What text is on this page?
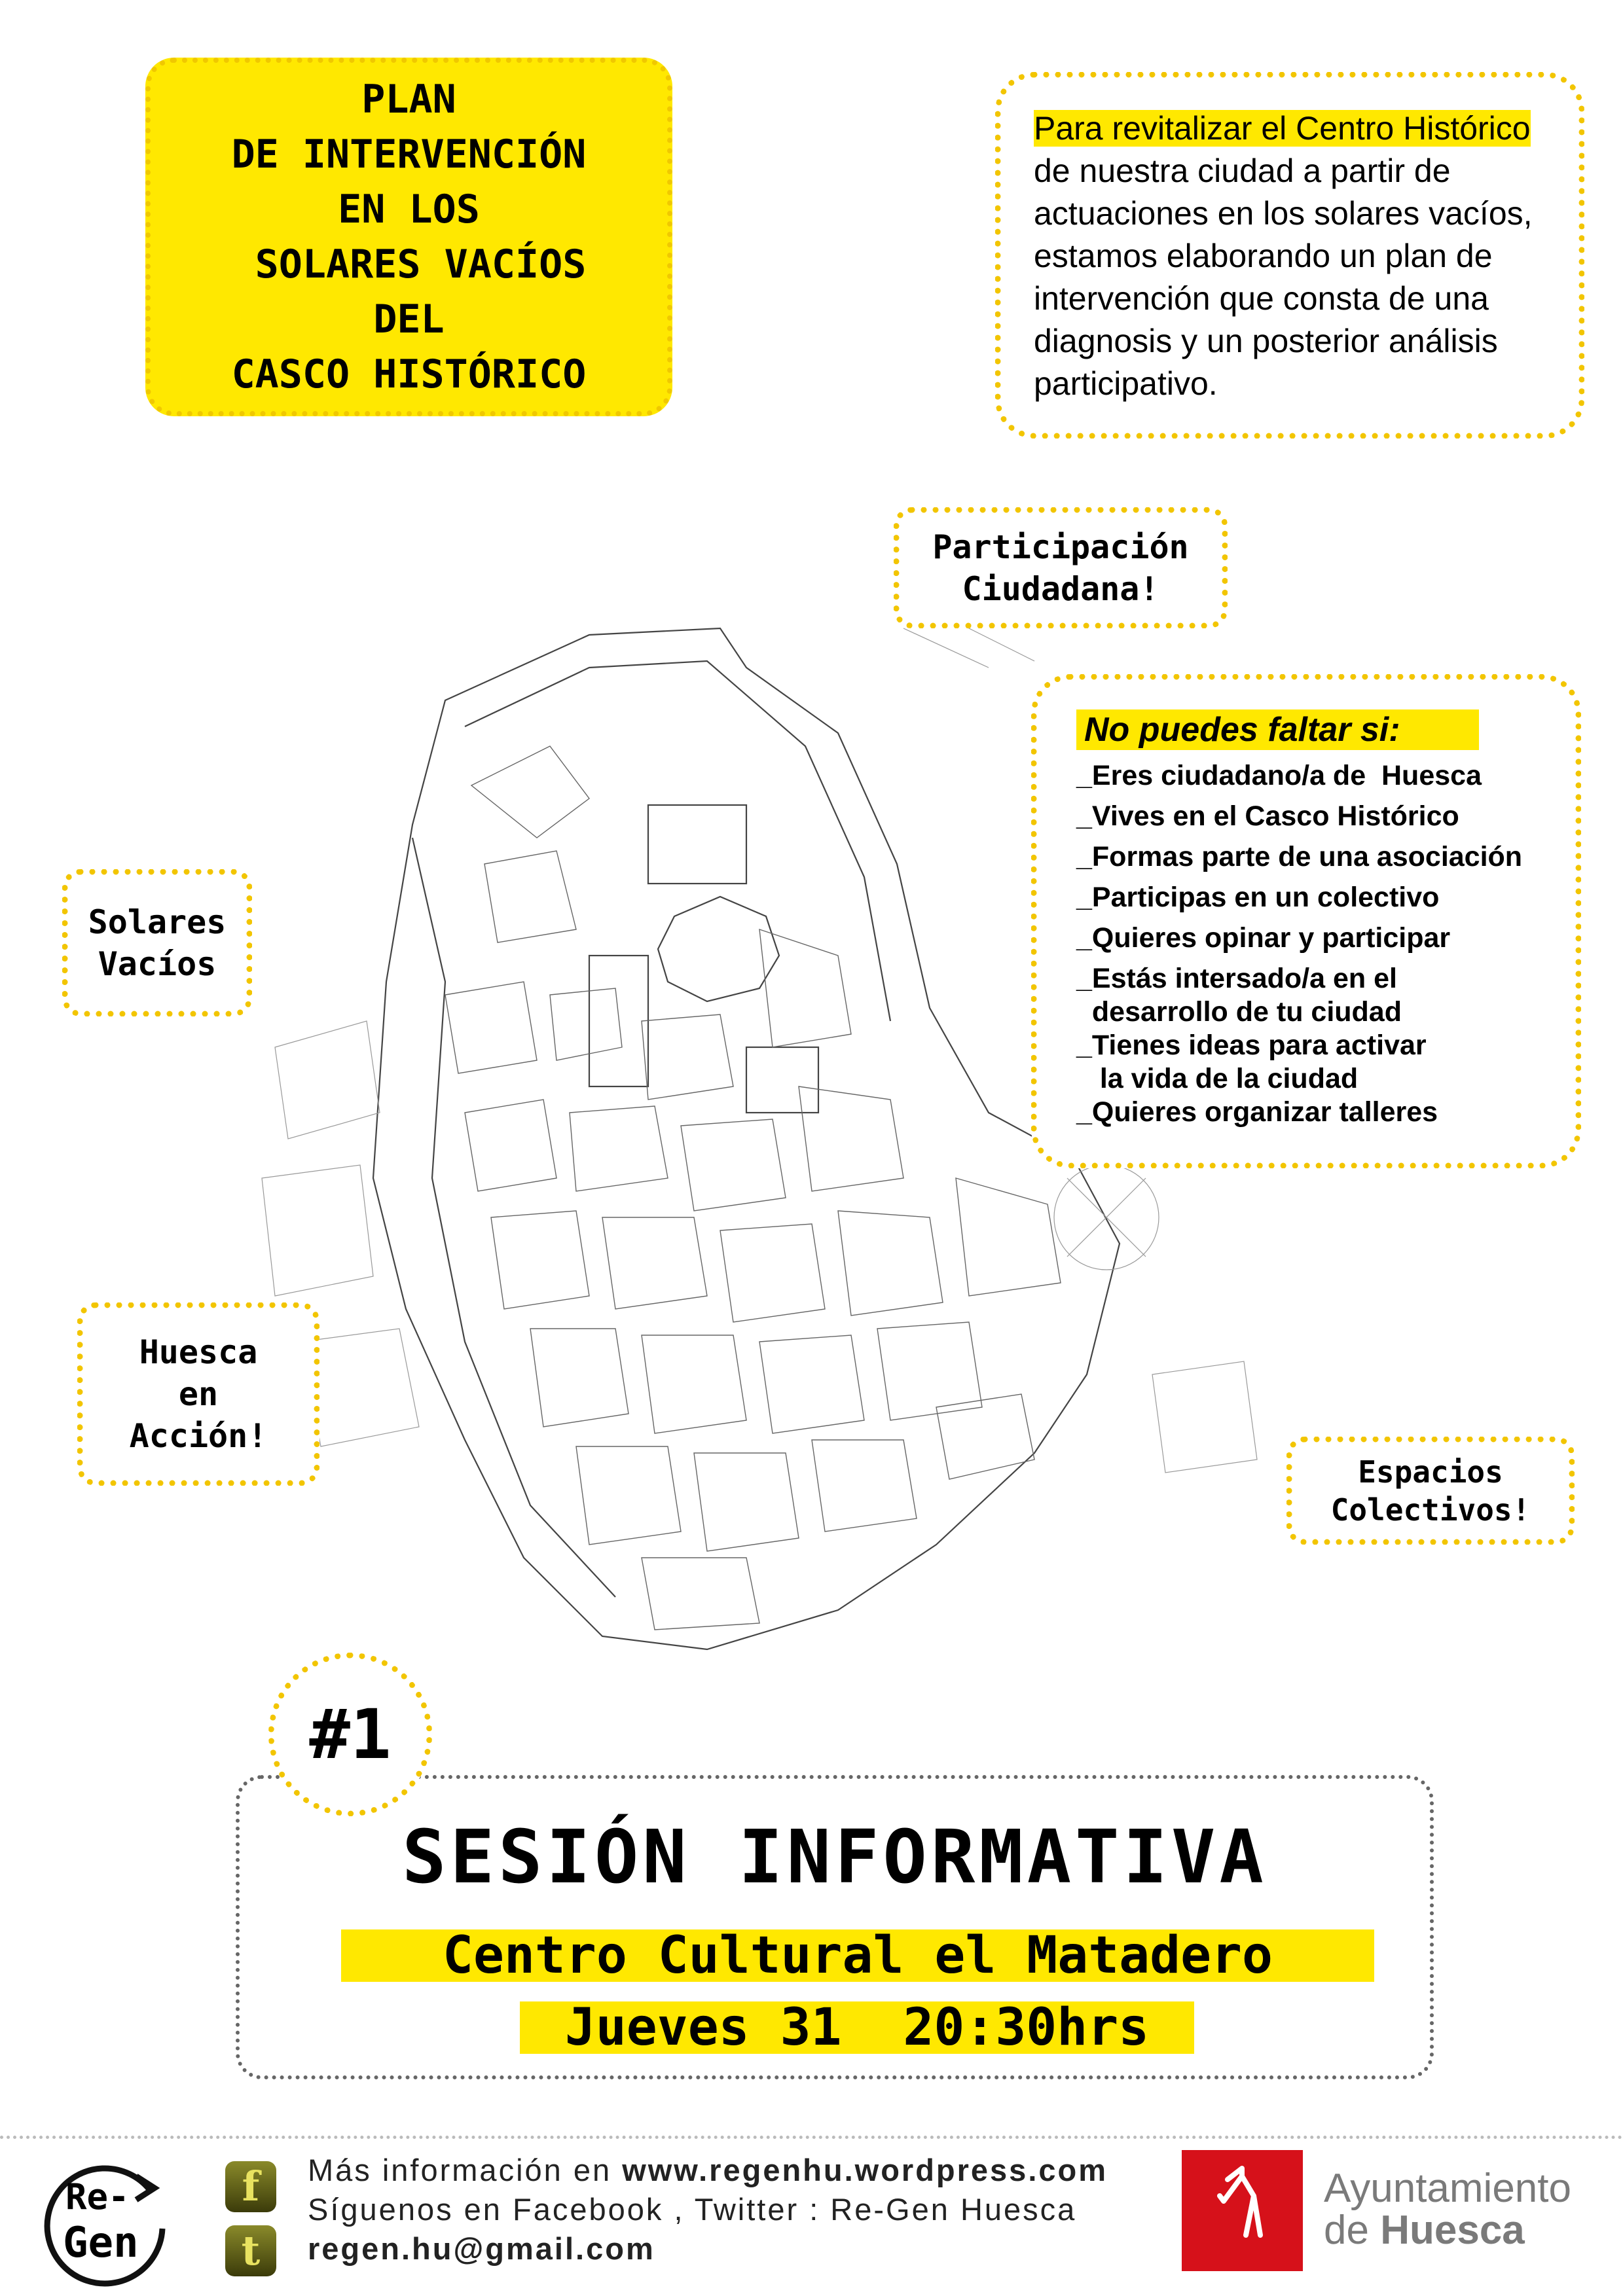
PLAN
DE INTERVENCIÓN
EN LOS
SOLARES VACÍOS
DEL
CASCO HISTÓRICO

Para revitalizar el Centro Histórico

de nuestra ciudad a partir de

actuaciones en los solares vacíos,

estamos elaborando un plan de

intervención que consta de una

diagnosis y un posterior análisis

participativo.

Participación
Ciudadana!
Solares
Vacíos
Huesca
en
Acción!
Espacios
Colectivos!
No puedes faltar si:
_Eres ciudadano/a de  Huesca
_Vives en el Casco Histórico
_Formas parte de una asociación
_Participas en un colectivo
_Quieres opinar y participar
_Estás intersado/a en el
desarrollo de tu ciudad
_Tienes ideas para activar
la vida de la ciudad
_Quieres organizar talleres
SESIÓN INFORMATIVA
Centro Cultural el Matadero
Jueves 31  20:30hrs
#1
Re-
Gen
f
t
Más información en www.regenhu.wordpress.com
Síguenos en Facebook , Twitter : Re-Gen Huesca
regen.hu@gmail.com
Ayuntamiento
de Huesca
